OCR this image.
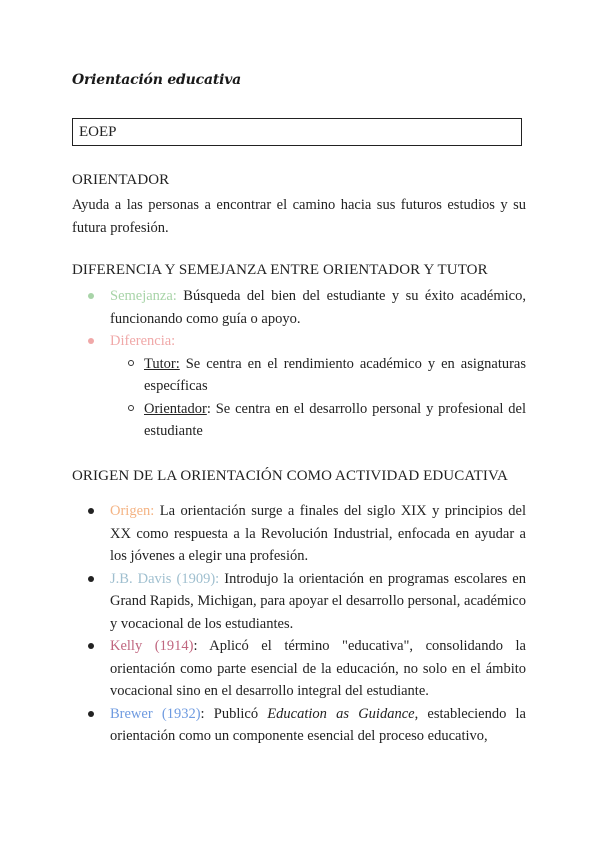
Orientación educativa
EOEP
ORIENTADOR
Ayuda a las personas a encontrar el camino hacia sus futuros estudios y su futura profesión.
DIFERENCIA Y SEMEJANZA ENTRE ORIENTADOR Y TUTOR
Semejanza: Búsqueda del bien del estudiante y su éxito académico, funcionando como guía o apoyo.
Diferencia:
Tutor: Se centra en el rendimiento académico y en asignaturas específicas
Orientador: Se centra en el desarrollo personal y profesional del estudiante
ORIGEN DE LA ORIENTACIÓN COMO ACTIVIDAD EDUCATIVA
Origen: La orientación surge a finales del siglo XIX y principios del XX como respuesta a la Revolución Industrial, enfocada en ayudar a los jóvenes a elegir una profesión.
J.B. Davis (1909): Introdujo la orientación en programas escolares en Grand Rapids, Michigan, para apoyar el desarrollo personal, académico y vocacional de los estudiantes.
Kelly (1914): Aplicó el término "educativa", consolidando la orientación como parte esencial de la educación, no solo en el ámbito vocacional sino en el desarrollo integral del estudiante.
Brewer (1932): Publicó Education as Guidance, estableciendo la orientación como un componente esencial del proceso educativo,
